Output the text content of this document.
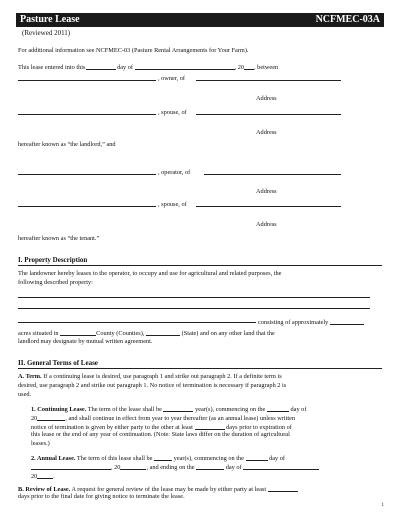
Pasture Lease	NCFMEC-03A
(Reviewed 2011)
For additional information see NCFMEC-03 (Pasture Rental Arrangements for Your Farm).
This lease entered into this	day of	, 20 , between
, owner, of
Address
, spouse, of
Address
hereafter known as “the landlord,” and
, operator, of
Address
, spouse, of
Address
hereafter known as “the tenant.”
I. Property Description
The landowner hereby leases to the operator, to occupy and use for agricultural and related purposes, the
following described property:
consisting of approximately
acres situated in	County (Counties),	(State) and on any other land that the
landlord may designate by mutual written agreement.
II. General Terms of Lease
A. Term. If a continuing lease is desired, use paragraph 1 and strike out paragraph 2. If a definite term is
desired, use paragraph 2 and strike out paragraph 1. No notice of termination is necessary if paragraph 2 is
used.
1. Continuing Lease. The term of the lease shall be	year(s), commencing on the	day of
20	, and shall continue in effect from year to year thereafter (as an annual lease) unless written
notice of termination is given by either party to the other at least	days prior to expiration of
this lease or the end of any year of continuation. (Note: State laws differ on the duration of agricultural
leases.)
2. Annual Lease. The term of this lease shall be	year(s), commencing on the	day of
, 20	, and ending on the	day of
20	.
B. Review of Lease. A request for general review of the lease may be made by either party at least
days prior to the final date for giving notice to terminate the lease.
1
